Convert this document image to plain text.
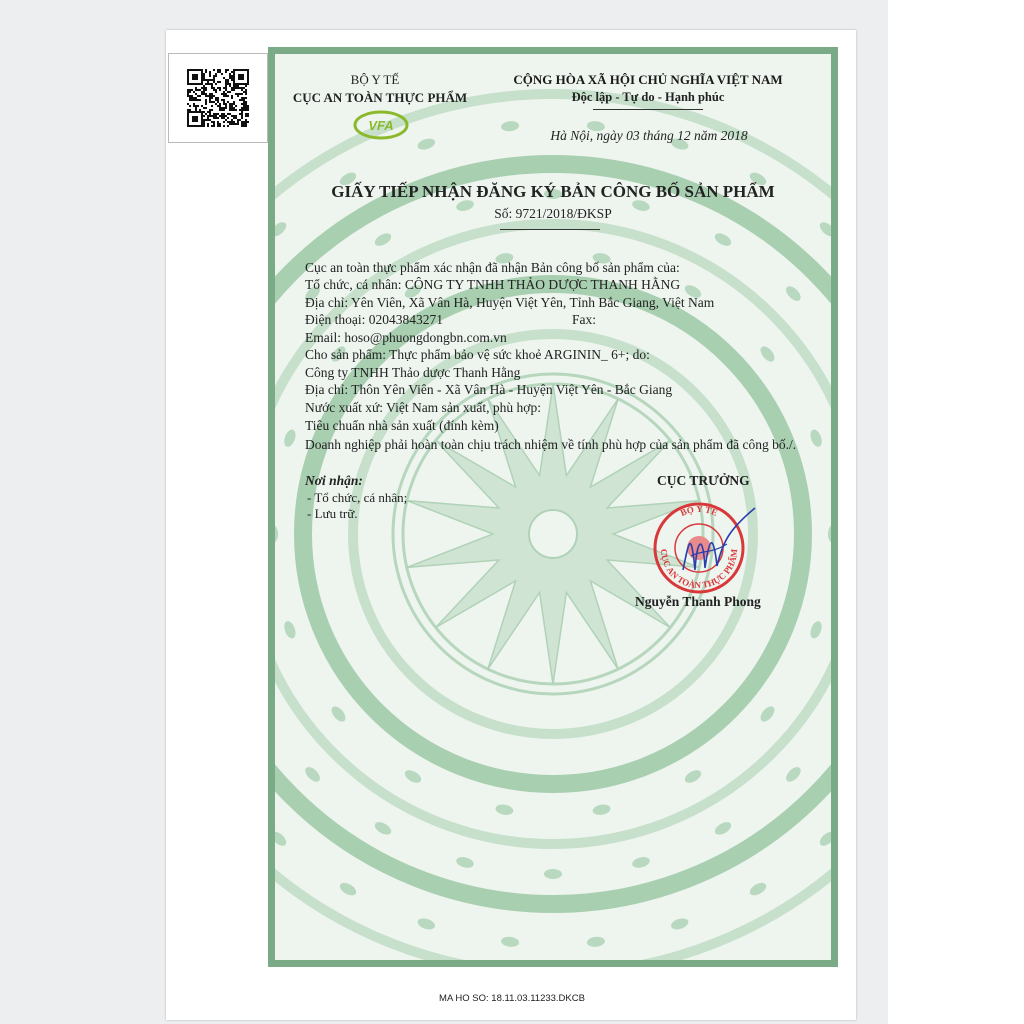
BỘ Y TẾ
CỤC AN TOÀN THỰC PHẨM
VFA
CỘNG HÒA XÃ HỘI CHỦ NGHĨA VIỆT NAM
Độc lập - Tự do - Hạnh phúc
Hà Nội, ngày 03 tháng 12 năm 2018
GIẤY TIẾP NHẬN ĐĂNG KÝ BẢN CÔNG BỐ SẢN PHẨM
Số: 9721/2018/ĐKSP
Cục an toàn thực phẩm xác nhận đã nhận Bản công bố sản phẩm của:
Tổ chức, cá nhân: CÔNG TY TNHH THẢO DƯỢC THANH HẰNG
Địa chỉ: Yên Viên, Xã Vân Hà, Huyện Việt Yên, Tỉnh Bắc Giang, Việt Nam
Điện thoại: 02043843271	Fax:
Email: hoso@phuongdongbn.com.vn
Cho sản phẩm: Thực phẩm bảo vệ sức khoẻ ARGININ_ 6+; do:
Công ty TNHH Thảo dược Thanh Hằng
Địa chỉ: Thôn Yên Viên - Xã Vân Hà - Huyện Việt Yên - Bắc Giang
Nước xuất xứ: Việt Nam sản xuất, phù hợp:
Tiêu chuẩn nhà sản xuất (đính kèm)
Doanh nghiệp phải hoàn toàn chịu trách nhiệm về tính phù hợp của sản phẩm đã công bố./.
Nơi nhận:
- Tổ chức, cá nhân;
- Lưu trữ.
CỤC TRƯỞNG
BỘ Y TẾ
CỤC AN TOÀN THỰC PHẨM
Nguyễn Thanh Phong
MA HO SO: 18.11.03.11233.DKCB
